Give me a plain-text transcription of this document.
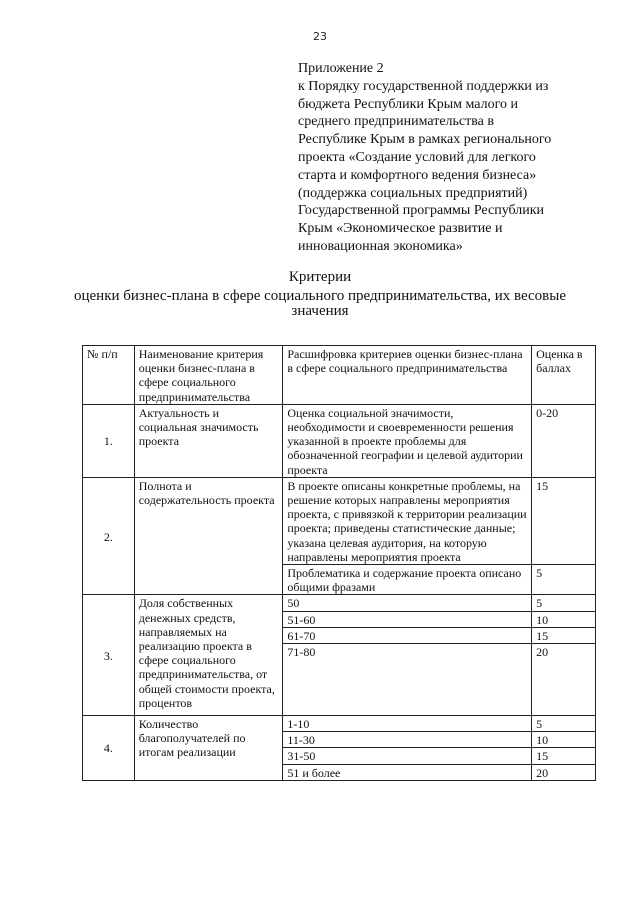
23
Приложение 2
к Порядку государственной поддержки из
бюджета Республики Крым малого и
среднего предпринимательства в
Республике Крым в рамках регионального
проекта «Создание условий для легкого
старта и комфортного ведения бизнеса»
(поддержка социальных предприятий)
Государственной программы Республики
Крым «Экономическое развитие и
инновационная экономика»
Критерии
оценки бизнес-плана в сфере социального предпринимательства, их весовые
значения
№ п/п	Наименование критерия оценки бизнес-плана в сфере социального предпринимательства	Расшифровка критериев оценки бизнес-плана в сфере социального предпринимательства	Оценка в баллах
1.	Актуальность и социальная значимость проекта	Оценка социальной значимости, необходимости и своевременности решения указанной в проекте проблемы для обозначенной географии и целевой аудитории проекта	0-20
2.	Полнота и содержательность проекта	В проекте описаны конкретные проблемы, на решение которых направлены мероприятия проекта, с привязкой к территории реализации проекта; приведены статистические данные; указана целевая аудитория, на которую направлены мероприятия проекта	15
		Проблематика и содержание проекта описано общими фразами	5
3.	Доля собственных денежных средств, направляемых на реализацию проекта в сфере социального предпринимательства, от общей стоимости проекта, процентов	50	5
		51-60	10
		61-70	15
		71-80	20
4.	Количество благополучателей по итогам реализации	1-10	5
		11-30	10
		31-50	15
		51 и более	20
